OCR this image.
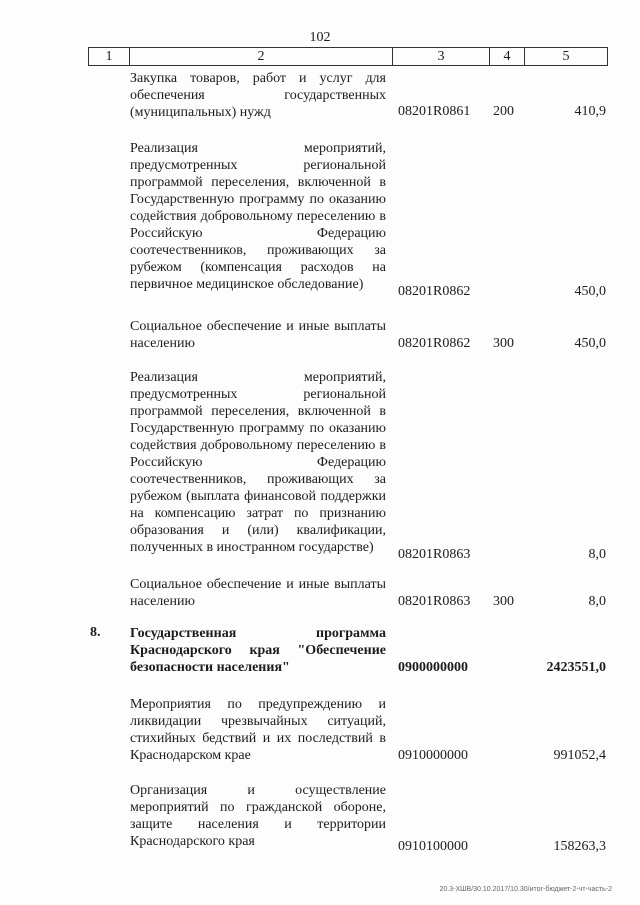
102
1	2	3	4	5
Закупка товаров, работ и услуг для обеспечения государственных (муниципальных) нужд	08201R0861 200	410,9
Реализация мероприятий, предусмотренных региональной программой переселения, включенной в Государственную программу по оказанию содействия добровольному переселению в Российскую Федерацию соотечественников, проживающих за рубежом (компенсация расходов на первичное медицинское обследование)	08201R0862	450,0
Социальное обеспечение и иные выплаты населению	08201R0862 300	450,0
Реализация мероприятий, предусмотренных региональной программой переселения, включенной в Государственную программу по оказанию содействия добровольному переселению в Российскую Федерацию соотечественников, проживающих за рубежом (выплата финансовой поддержки на компенсацию затрат по признанию образования и (или) квалификации, полученных в иностранном государстве)	08201R0863	8,0
Социальное обеспечение и иные выплаты населению	08201R0863 300	8,0
8. Государственная программа Краснодарского края "Обеспечение безопасности населения"	0900000000	2423551,0
Мероприятия по предупреждению и ликвидации чрезвычайных ситуаций, стихийных бедствий и их последствий в Краснодарском крае	0910000000	991052,4
Организация и осуществление мероприятий по гражданской обороне, защите населения и территории Краснодарского края	0910100000	158263,3
20.3-ХШВ/30.10.2017/10.30/итог-бюджет-2-чт-часть-2
